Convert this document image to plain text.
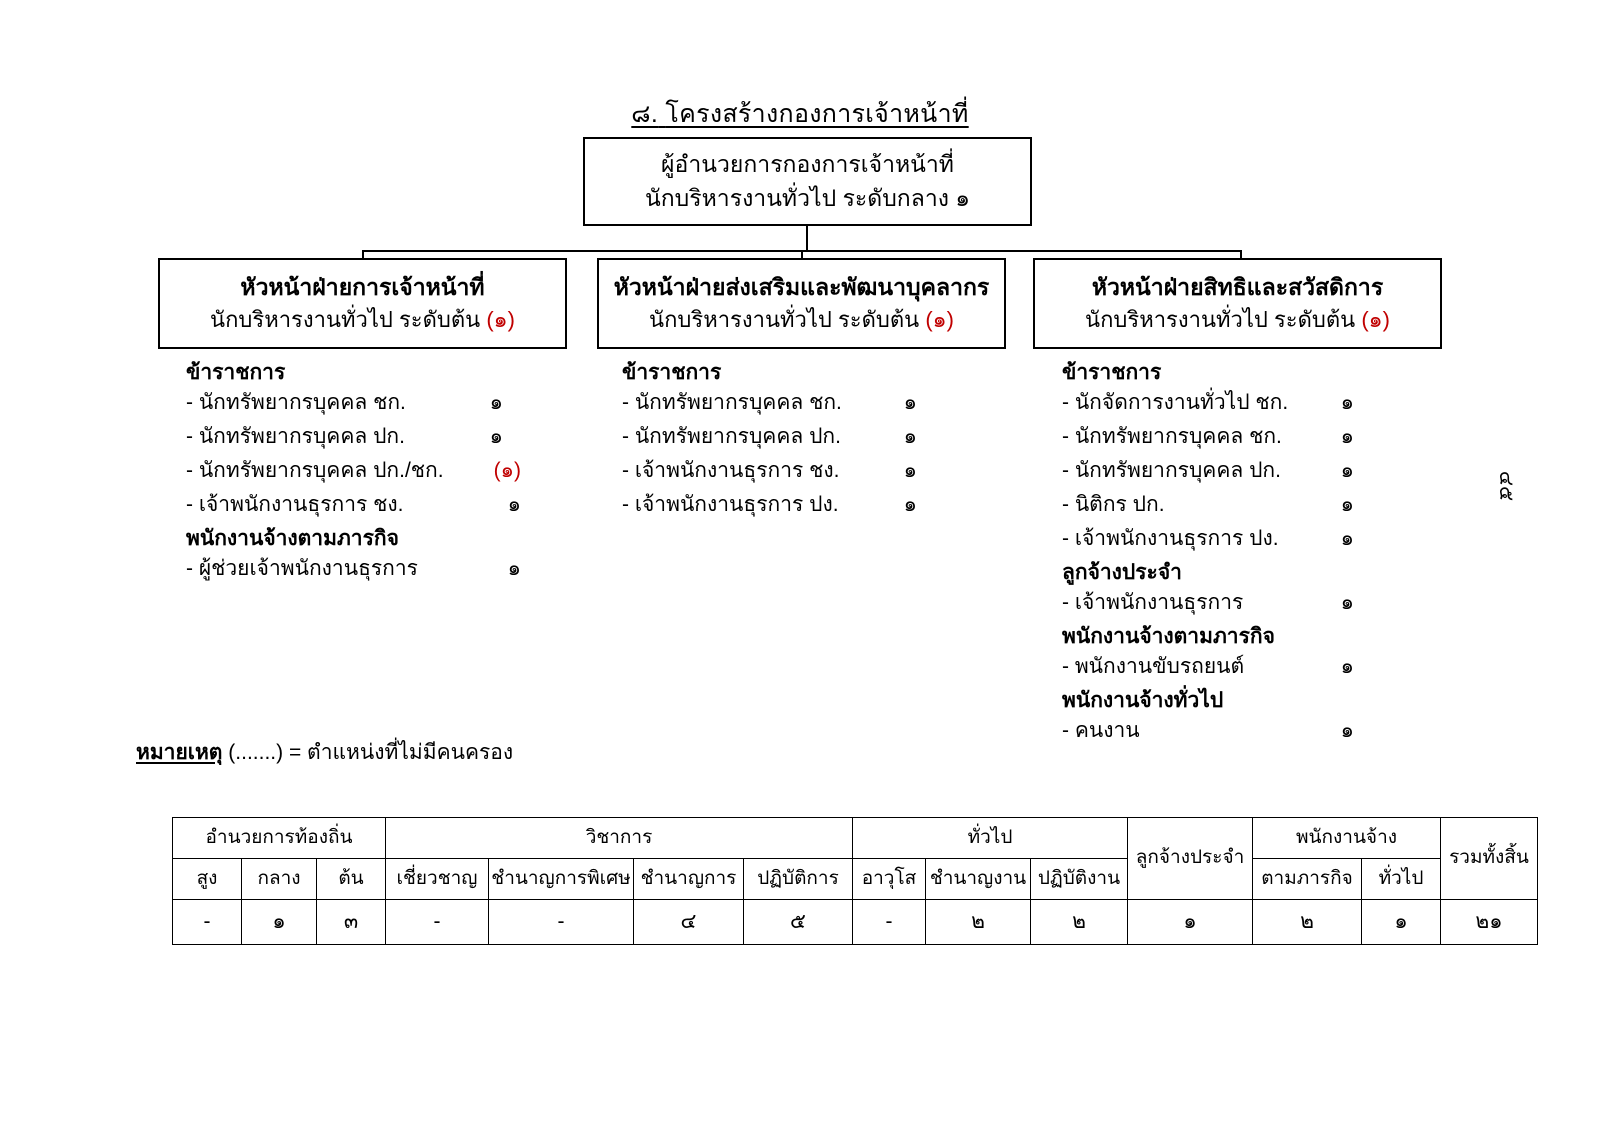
๘. โครงสร้างกองการเจ้าหน้าที่
ผู้อำนวยการกองการเจ้าหน้าที่
นักบริหารงานทั่วไป ระดับกลาง ๑
หัวหน้าฝ่ายการเจ้าหน้าที่
นักบริหารงานทั่วไป ระดับต้น (๑)
หัวหน้าฝ่ายส่งเสริมและพัฒนาบุคลากร
นักบริหารงานทั่วไป ระดับต้น (๑)
หัวหน้าฝ่ายสิทธิและสวัสดิการ
นักบริหารงานทั่วไป ระดับต้น (๑)
ข้าราชการ
- นักทรัพยากรบุคคล ชก.	๑
- นักทรัพยากรบุคคล ปก.	๑
- นักทรัพยากรบุคคล ปก./ชก. (๑)
- เจ้าพนักงานธุรการ ชง.	๑
พนักงานจ้างตามภารกิจ
- ผู้ช่วยเจ้าพนักงานธุรการ	๑
ข้าราชการ
- นักทรัพยากรบุคคล ชก.	๑
- นักทรัพยากรบุคคล ปก.	๑
- เจ้าพนักงานธุรการ ชง.	๑
- เจ้าพนักงานธุรการ ปง.	๑
ข้าราชการ
- นักจัดการงานทั่วไป ชก. ๑
- นักทรัพยากรบุคคล ชก.	๑
- นักทรัพยากรบุคคล ปก.	๑
- นิติกร ปก.	๑
- เจ้าพนักงานธุรการ ปง.	๑
ลูกจ้างประจำ
- เจ้าพนักงานธุรการ	๑
พนักงานจ้างตามภารกิจ
- พนักงานขับรถยนต์	๑
พนักงานจ้างทั่วไป
- คนงาน	๑
หมายเหตุ (.......) = ตำแหน่งที่ไม่มีคนครอง
อำนวยการท้องถิ่น			วิชาการ				ทั่วไป			ลูกจ้างประจำ	พนักงานจ้าง		รวมทั้งสิ้น
สูง	กลาง	ต้น	เชี่ยวชาญ	ชำนาญการพิเศษ	ชำนาญการ	ปฏิบัติการ	อาวุโส	ชำนาญงาน	ปฏิบัติงาน		ตามภารกิจ	ทั่วไป	
-	๑	๓	-	-	๔	๕	-	๒	๒	๑	๒	๑	๒๑
๔๕
